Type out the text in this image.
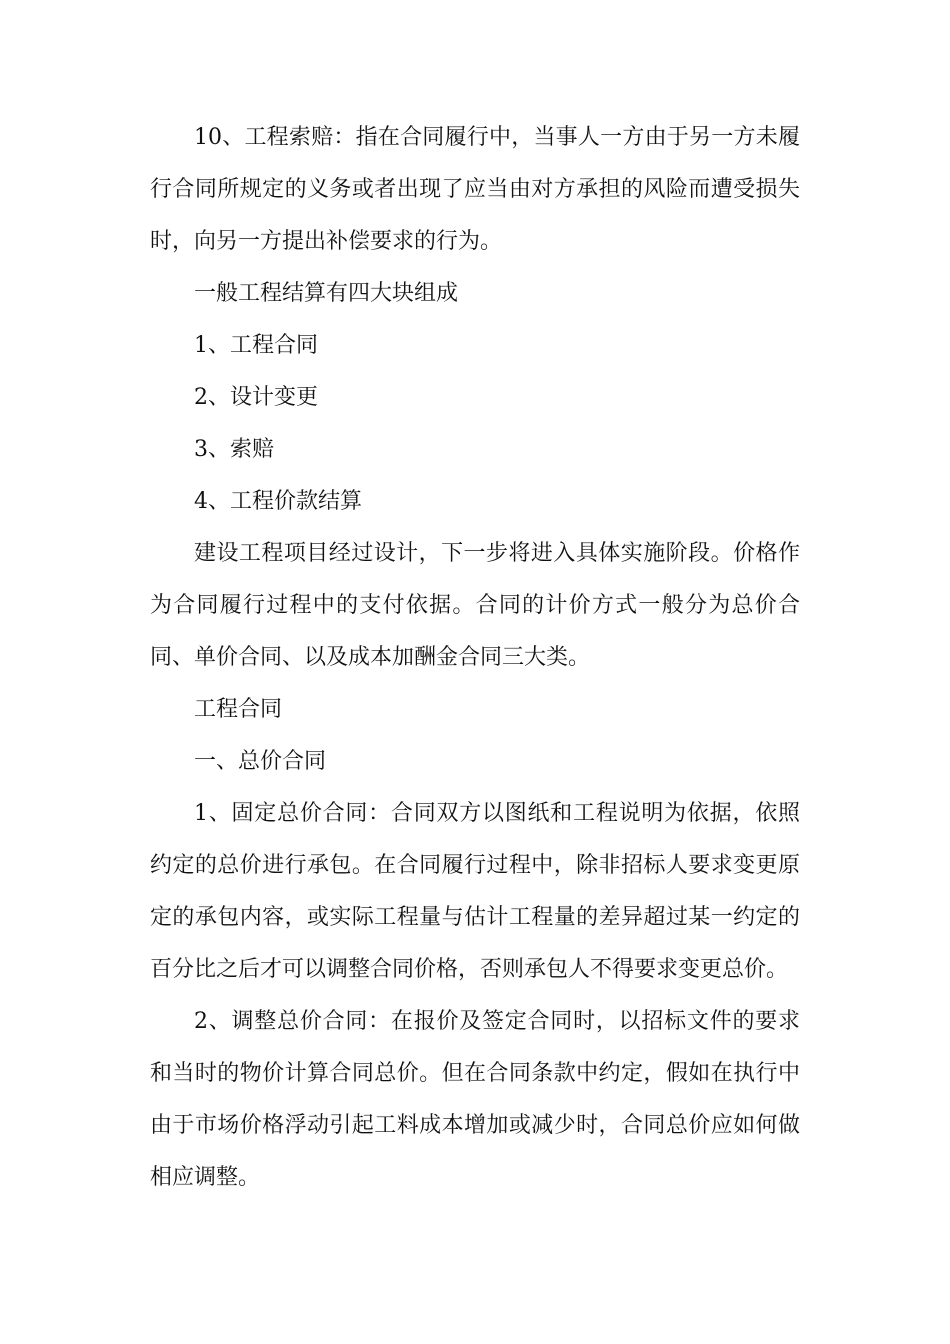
10、工程索赔：指在合同履行中，当事人一方由于另一方未履行合同所规定的义务或者出现了应当由对方承担的风险而遭受损失时，向另一方提出补偿要求的行为。

一般工程结算有四大块组成

1、工程合同

2、设计变更

3、索赔

4、工程价款结算

建设工程项目经过设计，下一步将进入具体实施阶段。价格作为合同履行过程中的支付依据。合同的计价方式一般分为总价合同、单价合同、以及成本加酬金合同三大类。

工程合同

一、总价合同

1、固定总价合同：合同双方以图纸和工程说明为依据，依照约定的总价进行承包。在合同履行过程中，除非招标人要求变更原定的承包内容，或实际工程量与估计工程量的差异超过某一约定的百分比之后才可以调整合同价格，否则承包人不得要求变更总价。

2、调整总价合同：在报价及签定合同时，以招标文件的要求和当时的物价计算合同总价。但在合同条款中约定，假如在执行中由于市场价格浮动引起工料成本增加或减少时，合同总价应如何做相应调整。
